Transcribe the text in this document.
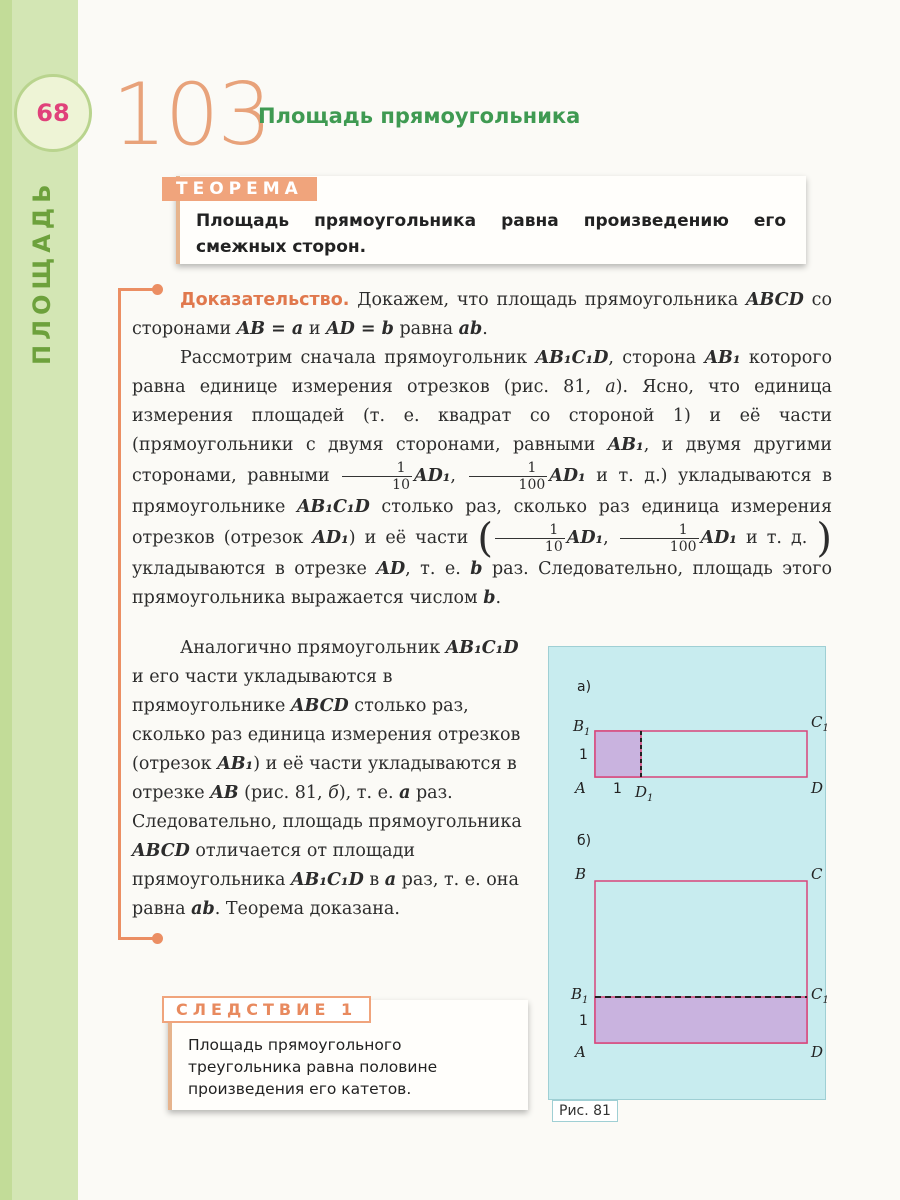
68
ПЛОЩАДЬ
103
Площадь прямоугольника
ТЕОРЕМА
Площадь прямоугольника равна произведению его смежных сторон.

Доказательство. Докажем, что площадь прямоугольника ABCD со сторонами AB = a и AD = b равна ab.

Рассмотрим сначала прямоугольник AB₁C₁D, сторона AB₁ которого равна единице измерения отрезков (рис. 81, а). Ясно, что единица измерения площадей (т. е. квадрат со стороной 1) и её части (прямоугольники с двумя сторонами, равными AB₁, и двумя другими сторонами, равными $\frac{1}{10} AD_1$, $\frac{1}{100} AD_1$ и т. д.) укладываются в прямоугольнике AB₁C₁D столько раз, сколько раз единица измерения отрезков (отрезок AD₁) и её части ( $\frac{1}{10} AD_1$, $\frac{1}{100} AD_1$ и т. д. ) укладываются в отрезке AD, т. е. b раз. Следовательно, площадь этого прямоугольника выражается числом b.

Аналогично прямоугольник AB₁C₁D и его части укладываются в прямоугольнике ABCD столько раз, сколько раз единица измерения отрезков (отрезок AB₁) и её части укладываются в отрезке AB (рис. 81, б), т. е. a раз. Следовательно, площадь прямоугольника ABCD отличается от площади прямоугольника AB₁C₁D в a раз, т. е. она равна ab. Теорема доказана.

СЛЕДСТВИЕ 1
Площадь прямоугольного треугольника равна половине произведения его катетов.
а)
$B_1$
$C_1$
1
A 1 $D_1$
D
б)
B	C
$B_1$	$C_1$
1
A	D
Рис. 81
